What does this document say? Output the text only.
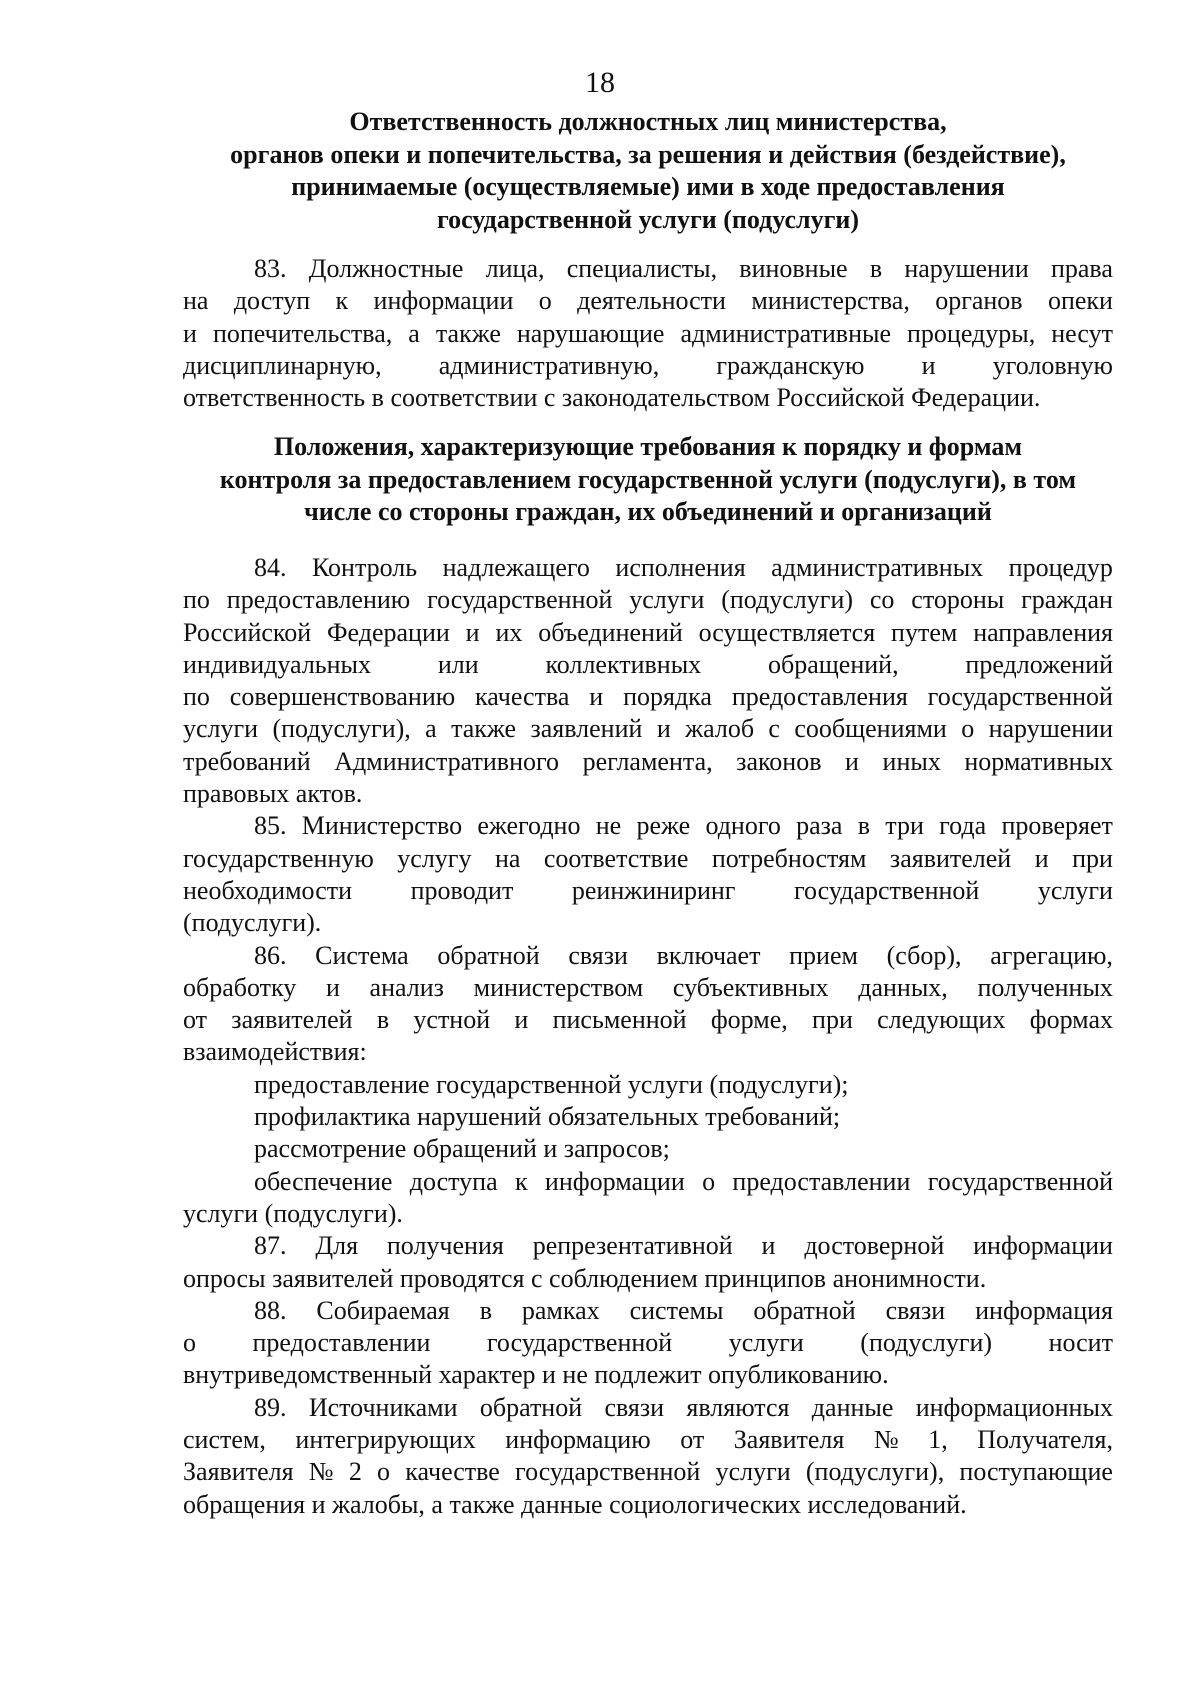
18
Ответственность должностных лиц министерства,
органов опеки и попечительства, за решения и действия (бездействие),
принимаемые (осуществляемые) ими в ходе предоставления
государственной услуги (подуслуги)
83. Должностные лица, специалисты, виновные в нарушении права
на доступ к информации о деятельности министерства, органов опеки
и попечительства, а также нарушающие административные процедуры, несут
дисциплинарную, административную, гражданскую и уголовную
ответственность в соответствии с законодательством Российской Федерации.
Положения, характеризующие требования к порядку и формам
контроля за предоставлением государственной услуги (подуслуги), в том
числе со стороны граждан, их объединений и организаций
84. Контроль надлежащего исполнения административных процедур
по предоставлению государственной услуги (подуслуги) со стороны граждан
Российской Федерации и их объединений осуществляется путем направления
индивидуальных	или	коллективных	обращений,	предложений
по совершенствованию качества и порядка предоставления государственной
услуги (подуслуги), а также заявлений и жалоб с сообщениями о нарушении
требований Административного регламента, законов и иных нормативных
правовых актов.
85. Министерство ежегодно не реже одного раза в три года проверяет
государственную услугу на соответствие потребностям заявителей и при
необходимости проводит реинжиниринг государственной услуги
(подуслуги).
86. Система обратной связи включает прием (сбор), агрегацию,
обработку и анализ министерством субъективных данных, полученных
от заявителей в устной и письменной форме, при следующих формах
взаимодействия:
предоставление государственной услуги (подуслуги);
профилактика нарушений обязательных требований;
рассмотрение обращений и запросов;
обеспечение доступа к информации о предоставлении государственной
услуги (подуслуги).
87. Для получения репрезентативной и достоверной информации
опросы заявителей проводятся с соблюдением принципов анонимности.
88. Собираемая в рамках системы обратной связи информация
о предоставлении государственной услуги (подуслуги) носит
внутриведомственный характер и не подлежит опубликованию.
89. Источниками обратной связи являются данные информационных
систем, интегрирующих информацию от Заявителя № 1, Получателя,
Заявителя № 2 о качестве государственной услуги (подуслуги), поступающие
обращения и жалобы, а также данные социологических исследований.
